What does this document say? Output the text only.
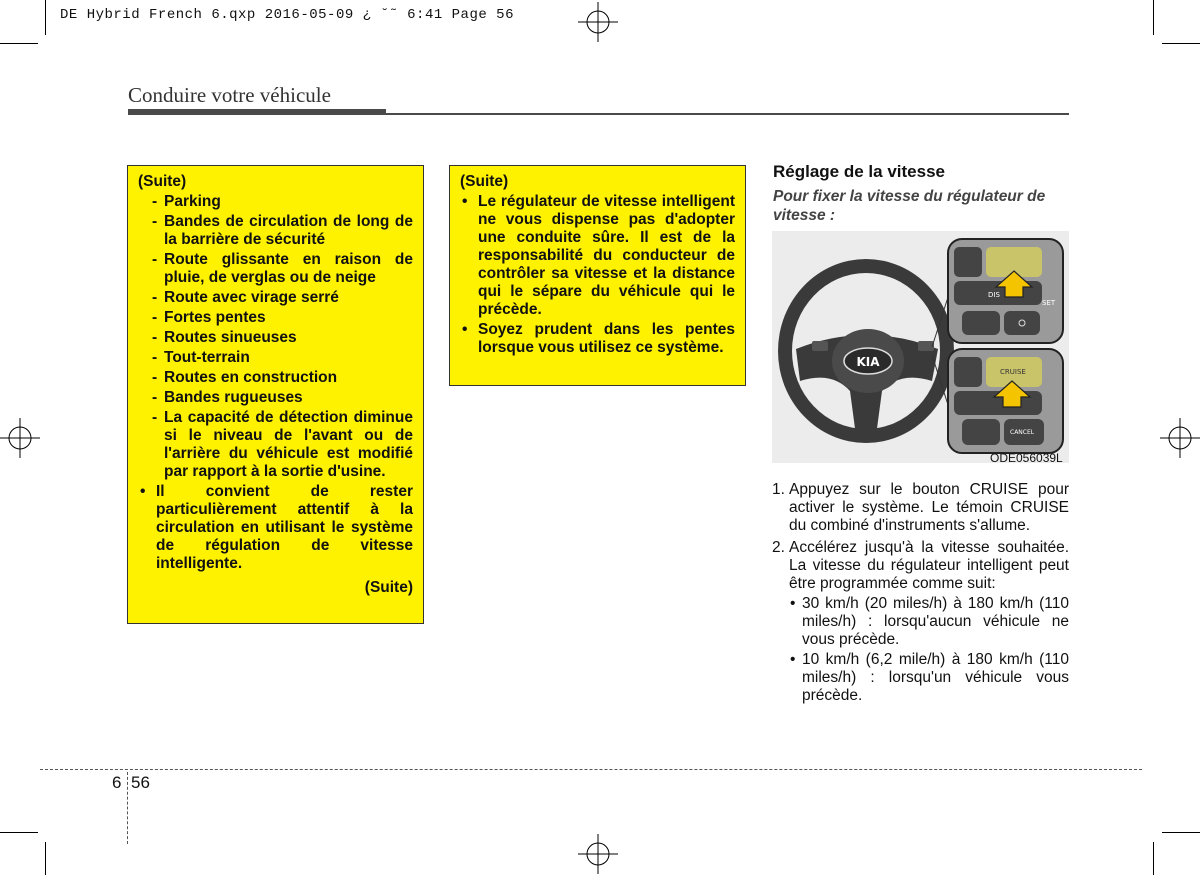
DE Hybrid French 6.qxp 2016-05-09 ¿ ˘˜ 6:41 Page 56
Conduire votre véhicule

(Suite)

- Parking
- Bandes de circulation de long de la barrière de sécurité
- Route glissante en raison de pluie, de verglas ou de neige
- Route avec virage serré
- Fortes pentes
- Routes sinueuses
- Tout-terrain
- Routes en construction
- Bandes rugueuses
- La capacité de détection diminue si le niveau de l'avant ou de l'arrière du véhicule est modifié par rapport à la sortie d'usine.
• Il convient de rester particulièrement attentif à la circulation en utilisant le système de régulation de vitesse intelligente.

(Suite)

(Suite)

• Le régulateur de vitesse intelligent ne vous dispense pas d'adopter une conduite sûre. Il est de la responsabilité du conducteur de contrôler sa vitesse et la distance qui le sépare du véhicule qui le précède.
• Soyez prudent dans les pentes lorsque vous utilisez ce système.
Réglage de la vitesse
Pour fixer la vitesse du régulateur de vitesse :
KIA
DIS
SET
CRUISE
CANCEL
ODE056039L
1. Appuyez sur le bouton CRUISE pour activer le système. Le témoin CRUISE du combiné d'instruments s'allume.
2. Accélérez jusqu'à la vitesse souhaitée. La vitesse du régulateur intelligent peut être programmée comme suit:
• 30 km/h (20 miles/h) à 180 km/h (110 miles/h) : lorsqu'aucun véhicule ne vous précède.
• 10 km/h (6,2 mile/h) à 180 km/h (110 miles/h) : lorsqu'un véhicule vous précède.
6 56
